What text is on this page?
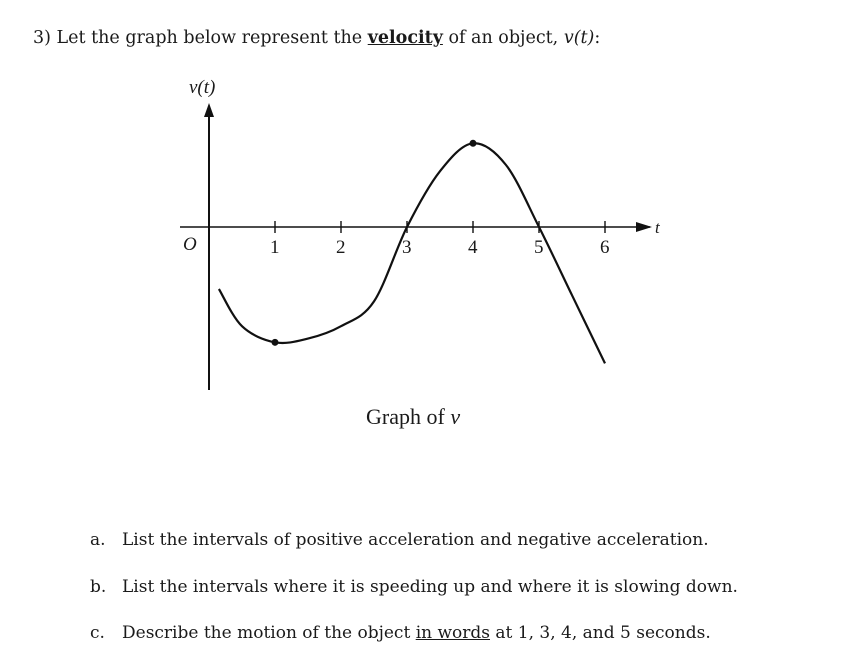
3) Let the graph below represent the velocity of an object, v(t):
1	2	3	4	5	6
v(t)
t
O
Graph of v
a. List the intervals of positive acceleration and negative acceleration.
b. List the intervals where it is speeding up and where it is slowing down.
c. Describe the motion of the object in words at 1, 3, 4, and 5 seconds.
